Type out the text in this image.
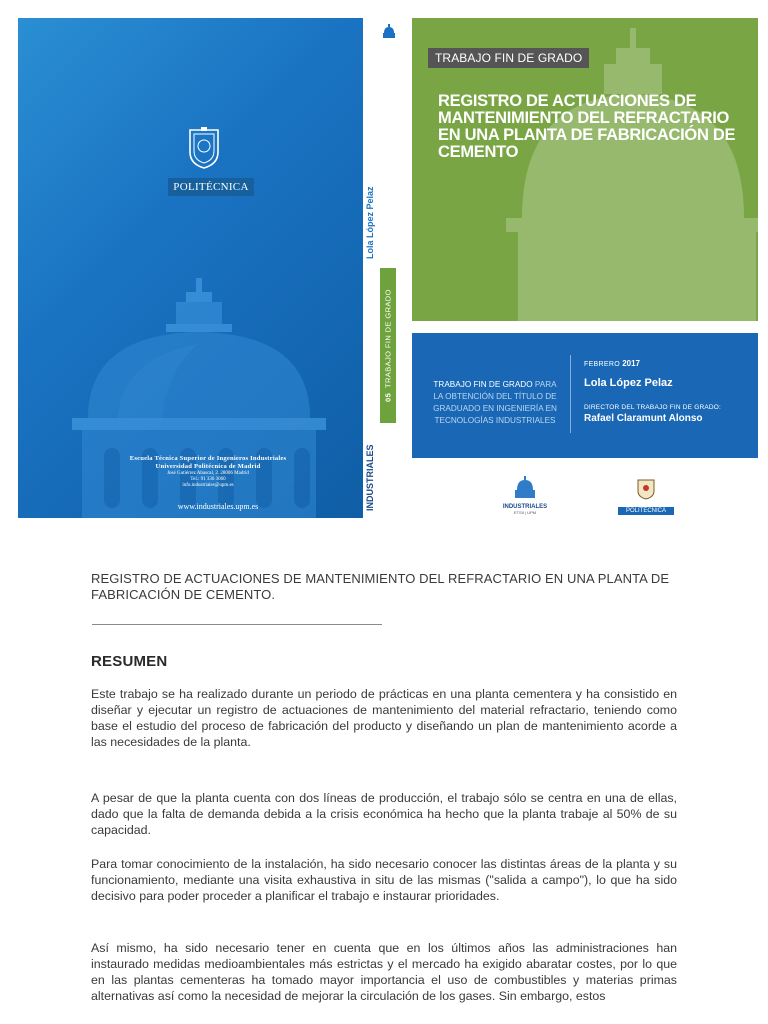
POLITÉCNICA
Escuela Técnica Superior de Ingenieros Industriales
Universidad Politécnica de Madrid
José Gutiérrez Abascal, 2. 28006 Madrid
Tel.: 91 336 3060
info.industriales@upm.es
www.industriales.upm.es
Lola López Pelaz
05

TRABAJO FIN DE GRADO
INDUSTRIALES
TRABAJO FIN DE GRADO
REGISTRO DE ACTUACIONES DE MANTENIMIENTO DEL REFRACTARIO EN UNA PLANTA DE FABRICACIÓN DE CEMENTO
TRABAJO FIN DE GRADO PARA
LA OBTENCIÓN DEL TÍTULO DE
GRADUADO EN INGENIERÍA EN
TECNOLOGÍAS INDUSTRIALES
FEBRERO 2017
Lola López Pelaz
DIRECTOR DEL TRABAJO FIN DE GRADO:
Rafael Claramunt Alonso
INDUSTRIALES
ETSII | UPM	POLITÉCNICA
REGISTRO DE ACTUACIONES DE MANTENIMIENTO DEL REFRACTARIO EN UNA PLANTA DE FABRICACIÓN DE CEMENTO.
RESUMEN
Este trabajo se ha realizado durante un periodo de prácticas en una planta cementera y ha consistido en diseñar y ejecutar un registro de actuaciones de mantenimiento del material refractario, teniendo como base el estudio del proceso de fabricación del producto y diseñando un plan de mantenimiento acorde a las necesidades de la planta.
A pesar de que la planta cuenta con dos líneas de producción, el trabajo sólo se centra en una de ellas, dado que la falta de demanda debida a la crisis económica ha hecho que la planta trabaje al 50% de su capacidad.
Para tomar conocimiento de la instalación, ha sido necesario conocer las distintas áreas de la planta y su funcionamiento, mediante una visita exhaustiva in situ de las mismas ("salida a campo"), lo que ha sido decisivo para poder proceder a planificar el trabajo e instaurar prioridades.
Así mismo, ha sido necesario tener en cuenta que en los últimos años las administraciones han instaurado medidas medioambientales más estrictas y el mercado ha exigido abaratar costes, por lo que en las plantas cementeras ha tomado mayor importancia el uso de combustibles y materias primas alternativas así como la necesidad de mejorar la circulación de los gases. Sin embargo, estos
